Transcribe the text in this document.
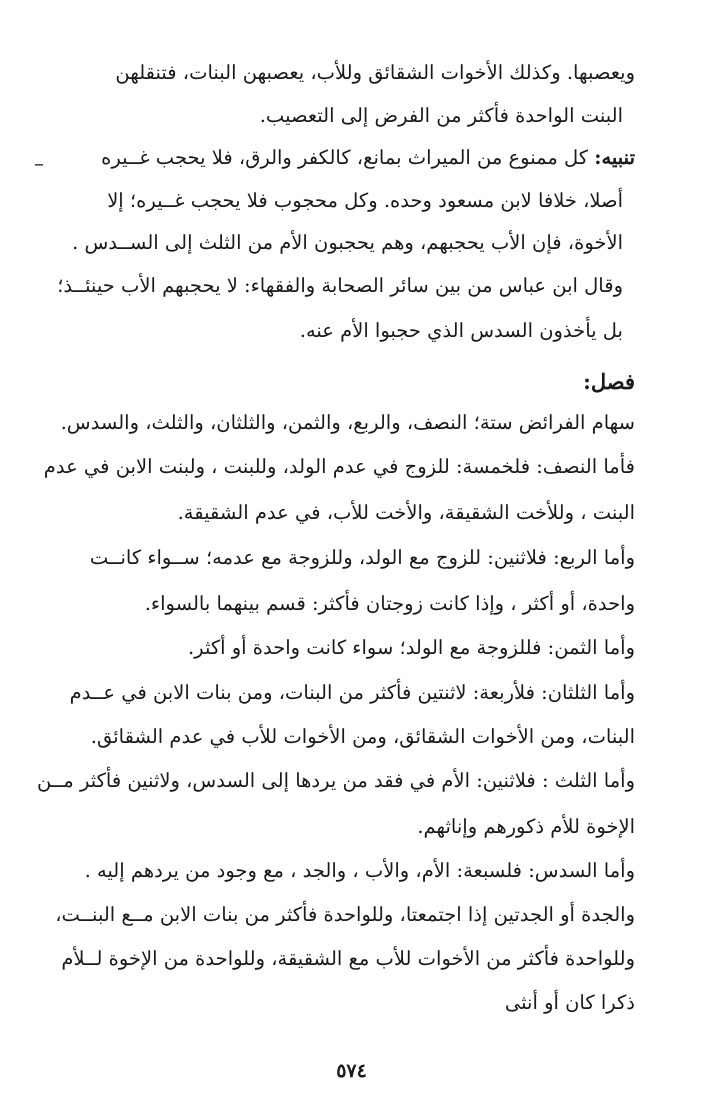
ويعصبها. وكذلك الأخوات الشقائق وللأب، يعصبهن البنات، فتنقلهن
البنت الواحدة فأكثر من الفرض إلى التعصيب.
–	تنبيه: كل ممنوع من الميراث بمانع، كالكفر والرق، فلا يحجب غــيره
أصلا، خلافا لابن مسعود وحده. وكل محجوب فلا يحجب غــيره؛ إلا
الأخوة، فإن الأب يحجبهم، وهم يحجبون الأم من الثلث إلى الســدس .
وقال ابن عباس من بين سائر الصحابة والفقهاء: لا يحجبهم الأب حينئــذ؛
بل يأخذون السدس الذي حجبوا الأم عنه.
فصل:
سهام الفرائض ستة؛ النصف، والربع، والثمن، والثلثان، والثلث، والسدس.
فأما النصف: فلخمسة: للزوج في عدم الولد، وللبنت ، ولبنت الابن في عدم
البنت ، وللأخت الشقيقة، والأخت للأب، في عدم الشقيقة.
وأما الربع: فلاثنين: للزوج مع الولد، وللزوجة مع عدمه؛ ســواء كانــت
واحدة، أو أكثر ، وإذا كانت زوجتان فأكثر: قسم بينهما بالسواء.
وأما الثمن: فللزوجة مع الولد؛ سواء كانت واحدة أو أكثر.
وأما الثلثان: فلأربعة: لاثنتين فأكثر من البنات، ومن بنات الابن في عــدم
البنات، ومن الأخوات الشقائق، ومن الأخوات للأب في عدم الشقائق.
وأما الثلث : فلاثنين: الأم في فقد من يردها إلى السدس، ولاثنين فأكثر مــن
الإخوة للأم ذكورهم وإناثهم.
وأما السدس: فلسبعة: الأم، والأب ، والجد ، مع وجود من يردهم إليه .
والجدة أو الجدتين إذا اجتمعتا، وللواحدة فأكثر من بنات الابن مــع البنــت،
وللواحدة فأكثر من الأخوات للأب مع الشقيقة، وللواحدة من الإخوة لــلأم
ذكرا كان أو أنثى
٥٧٤
